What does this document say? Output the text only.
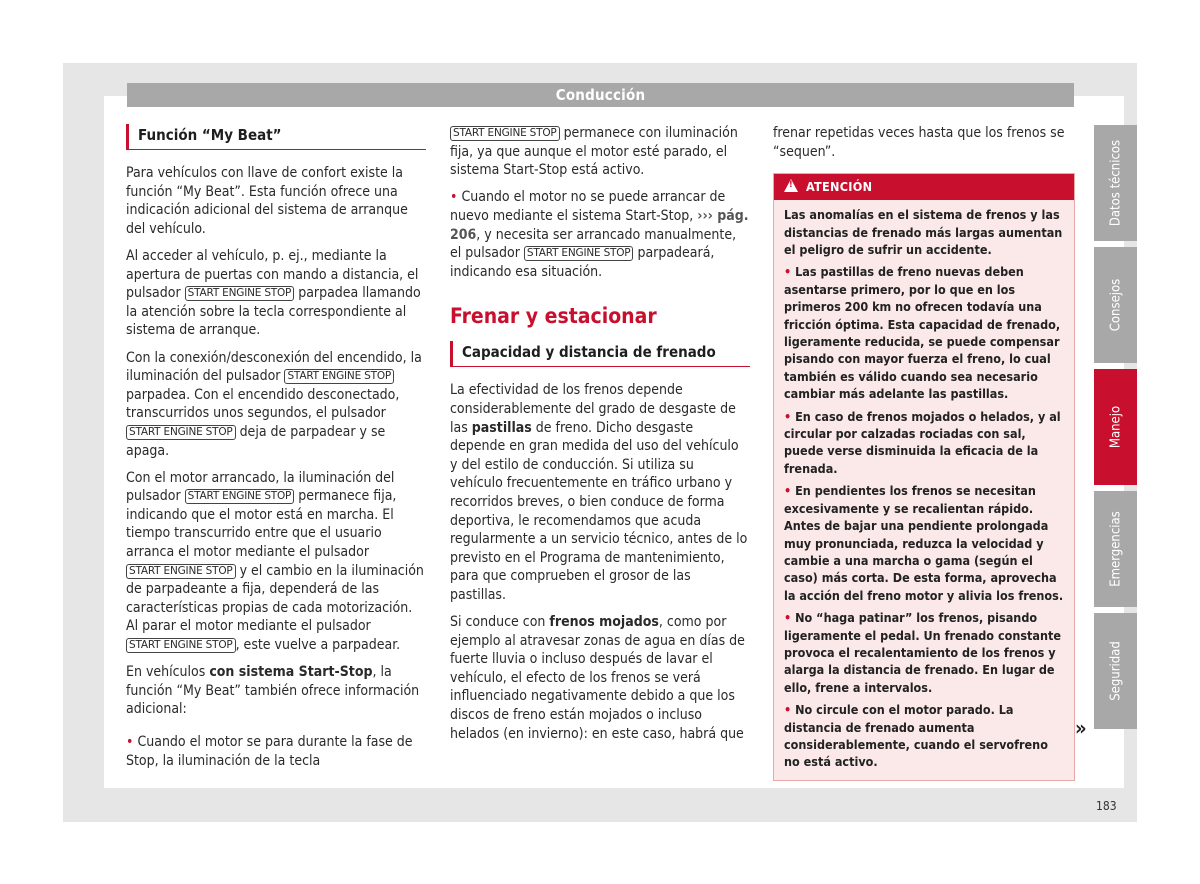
Conducción
Función “My Beat”

Para vehículos con llave de confort existe la función “My Beat”. Esta función ofrece una indicación adicional del sistema de arranque del vehículo.

Al acceder al vehículo, p. ej., mediante la apertura de puertas con mando a distancia, el pulsador START ENGINE STOP parpadea llamando la atención sobre la tecla correspondiente al sistema de arranque.

Con la conexión/desconexión del encendido, la iluminación del pulsador START ENGINE STOP parpadea. Con el encendido desconectado, transcurridos unos segundos, el pulsador START ENGINE STOP deja de parpadear y se apaga.

Con el motor arrancado, la iluminación del pulsador START ENGINE STOP permanece fija, indicando que el motor está en marcha. El tiempo transcurrido entre que el usuario arranca el motor mediante el pulsador START ENGINE STOP y el cambio en la iluminación de parpadeante a fija, dependerá de las características propias de cada motorización. Al parar el motor mediante el pulsador START ENGINE STOP , este vuelve a parpadear.

En vehículos con sistema Start-Stop, la función “My Beat” también ofrece información adicional:

• Cuando el motor se para durante la fase de Stop, la iluminación de la tecla

START ENGINE STOP permanece con iluminación fija, ya que aunque el motor esté parado, el sistema Start-Stop está activo.

• Cuando el motor no se puede arrancar de nuevo mediante el sistema Start-Stop, ››› pág. 206, y necesita ser arrancado manualmente, el pulsador START ENGINE STOP parpadeará, indicando esa situación.

Frenar y estacionar
Capacidad y distancia de frenado

La efectividad de los frenos depende considerablemente del grado de desgaste de las pastillas de freno. Dicho desgaste depende en gran medida del uso del vehículo y del estilo de conducción. Si utiliza su vehículo frecuentemente en tráfico urbano y recorridos breves, o bien conduce de forma deportiva, le recomendamos que acuda regularmente a un servicio técnico, antes de lo previsto en el Programa de mantenimiento, para que comprueben el grosor de las pastillas.

Si conduce con frenos mojados, como por ejemplo al atravesar zonas de agua en días de fuerte lluvia o incluso después de lavar el vehículo, el efecto de los frenos se verá influenciado negativamente debido a que los discos de freno están mojados o incluso helados (en invierno): en este caso, habrá que

frenar repetidas veces hasta que los frenos se “sequen”.

!ATENCIÓN

Las anomalías en el sistema de frenos y las distancias de frenado más largas aumentan el peligro de sufrir un accidente.

• Las pastillas de freno nuevas deben asentarse primero, por lo que en los primeros 200 km no ofrecen todavía una fricción óptima. Esta capacidad de frenado, ligeramente reducida, se puede compensar pisando con mayor fuerza el freno, lo cual también es válido cuando sea necesario cambiar más adelante las pastillas.

• En caso de frenos mojados o helados, y al circular por calzadas rociadas con sal, puede verse disminuida la eficacia de la frenada.

• En pendientes los frenos se necesitan excesivamente y se recalientan rápido. Antes de bajar una pendiente prolongada muy pronunciada, reduzca la velocidad y cambie a una marcha o gama (según el caso) más corta. De esta forma, aprovecha la acción del freno motor y alivia los frenos.

• No “haga patinar” los frenos, pisando ligeramente el pedal. Un frenado constante provoca el recalentamiento de los frenos y alarga la distancia de frenado. En lugar de ello, frene a intervalos.

• No circule con el motor parado. La distancia de frenado aumenta considerablemente, cuando el servofreno no está activo.

»
Datos técnicos
Consejos
Manejo
Emergencias
Seguridad
183
